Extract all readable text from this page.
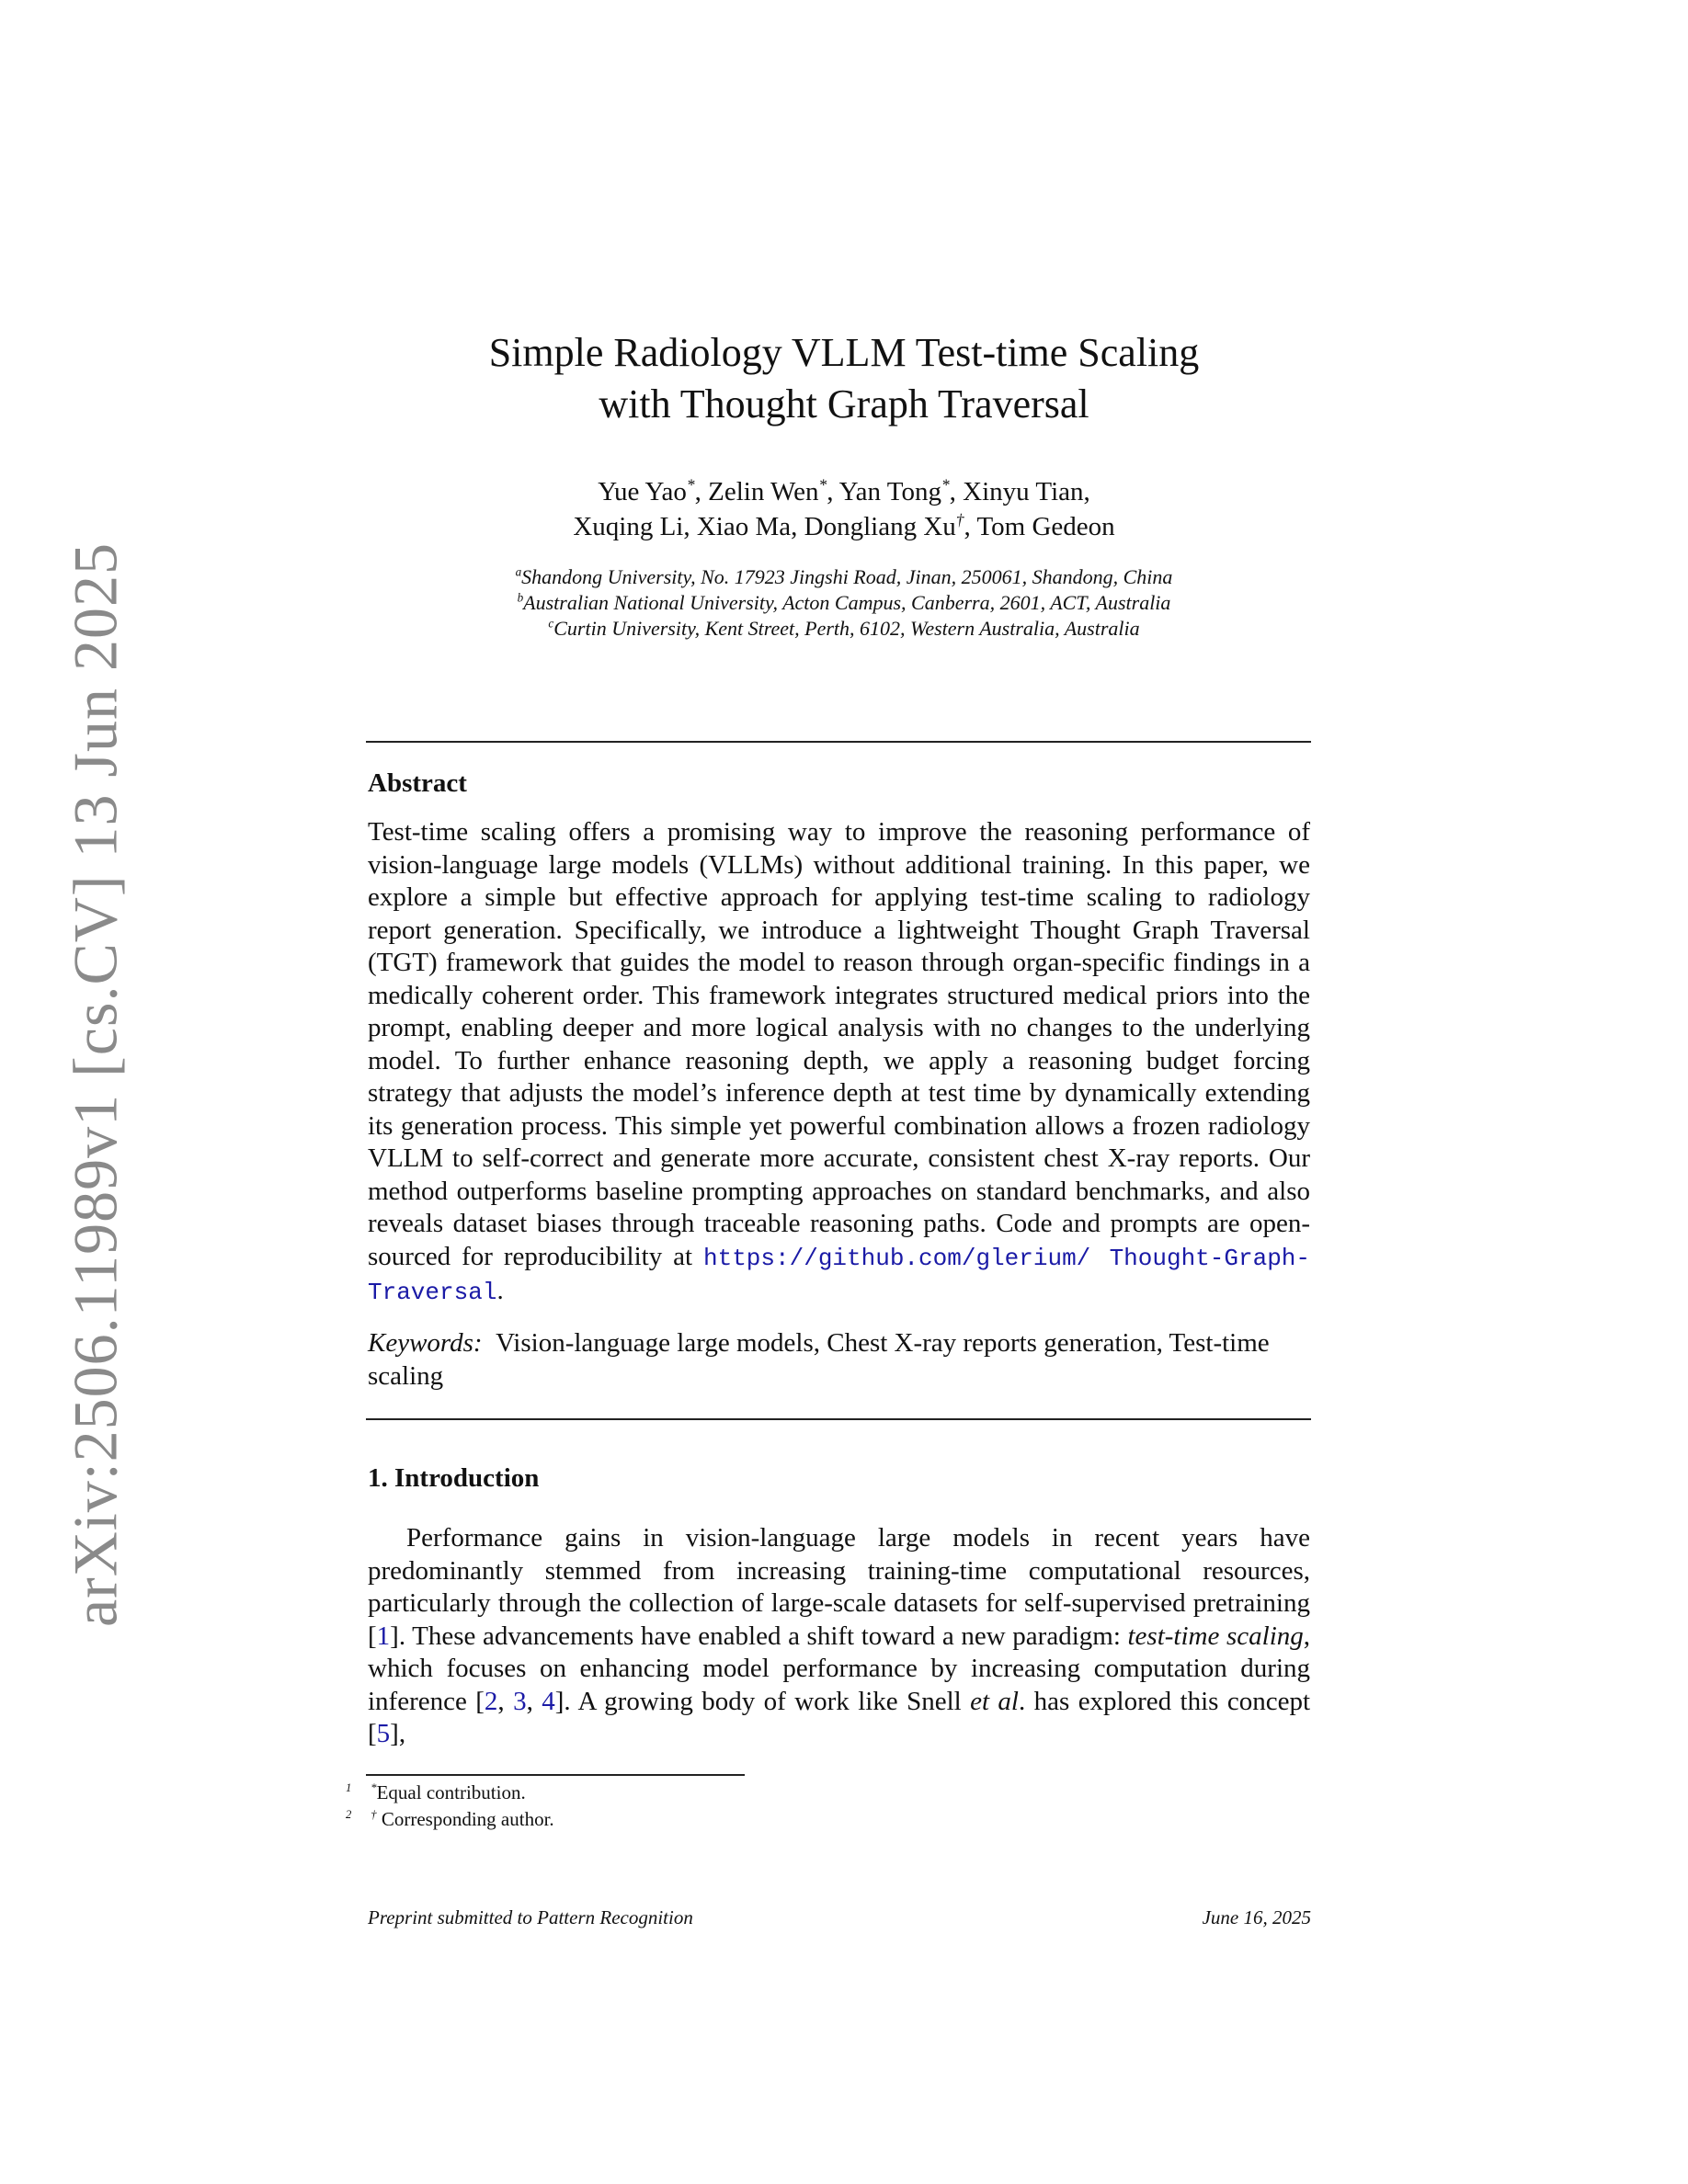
arXiv:2506.11989v1 [cs.CV] 13 Jun 2025
Simple Radiology VLLM Test-time Scaling
with Thought Graph Traversal
Yue Yao*, Zelin Wen*, Yan Tong*, Xinyu Tian,
Xuqing Li, Xiao Ma, Dongliang Xu†, Tom Gedeon
$^a$Shandong University, No. 17923 Jingshi Road, Jinan, 250061, Shandong, China
$^b$Australian National University, Acton Campus, Canberra, 2601, ACT, Australia
$^c$Curtin University, Kent Street, Perth, 6102, Western Australia, Australia
Abstract
Test-time scaling offers a promising way to improve the reasoning performance of vision-language large models (VLLMs) without additional training. In this paper, we explore a simple but effective approach for applying test-time scaling to radiology report generation. Specifically, we introduce a lightweight Thought Graph Traversal (TGT) framework that guides the model to reason through organ-specific findings in a medically coherent order. This framework integrates structured medical priors into the prompt, enabling deeper and more logical analysis with no changes to the underlying model. To further enhance reasoning depth, we apply a reasoning budget forcing strategy that adjusts the model’s inference depth at test time by dynamically extending its generation process. This simple yet powerful combination allows a frozen radiology VLLM to self-correct and generate more accurate, consistent chest X-ray reports. Our method outperforms baseline prompting approaches on standard benchmarks, and also reveals dataset biases through traceable reasoning paths. Code and prompts are open-sourced for reproducibility at https://github.com/glerium/ Thought-Graph-Traversal.
Keywords: Vision-language large models, Chest X-ray reports generation, Test-time scaling
1. Introduction
Performance gains in vision-language large models in recent years have predominantly stemmed from increasing training-time computational resources, particularly through the collection of large-scale datasets for self-supervised pretraining [1]. These advancements have enabled a shift toward a new paradigm: test-time scaling, which focuses on enhancing model performance by increasing computation during inference [2, 3, 4]. A growing body of work like Snell et al. has explored this concept [5],
$^1$ *Equal contribution.
$^2$ † Corresponding author.
Preprint submitted to Pattern Recognition	June 16, 2025
